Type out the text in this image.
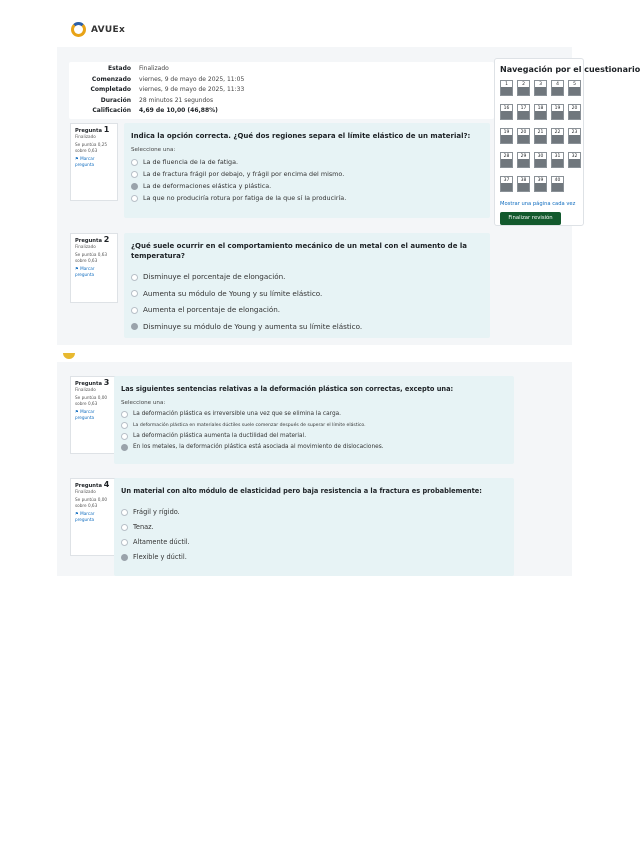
AVUEx
Estado	Finalizado
Comenzado	viernes, 9 de mayo de 2025, 11:05
Completado	viernes, 9 de mayo de 2025, 11:33
Duración	28 minutos 21 segundos
Calificación	4,69 de 10,00 (46,88%)
Pregunta 1
Finalizado
Se puntúa 0,25 sobre 0,63
⚑ Marcar pregunta
Indica la opción correcta. ¿Qué dos regiones separa el límite elástico de un material?:
Seleccione una:
La de fluencia de la de fatiga.
La de fractura frágil por debajo, y frágil por encima del mismo.
La de deformaciones elástica y plástica.
La que no produciría rotura por fatiga de la que sí la produciría.
Pregunta 2
Finalizado
Se puntúa 0,63 sobre 0,63
⚑ Marcar pregunta
¿Qué suele ocurrir en el comportamiento mecánico de un metal con el aumento de la temperatura?
Disminuye el porcentaje de elongación.
Aumenta su módulo de Young y su límite elástico.
Aumenta el porcentaje de elongación.
Disminuye su módulo de Young y aumenta su límite elástico.
Navegación por el cuestionario
1	2	3	4	5
16	17	18	19	20
19	20	21	22	23
28	29	30	31	32
37	38	39	40
Mostrar una página cada vez
Finalizar revisión
Pregunta 3
Finalizado
Se puntúa 0,00 sobre 0,63
⚑ Marcar pregunta
Las siguientes sentencias relativas a la deformación plástica son correctas, excepto una:
Seleccione una:
La deformación plástica es irreversible una vez que se elimina la carga.
La deformación plástica en materiales dúctiles suele comenzar después de superar el límite elástico.
La deformación plástica aumenta la ductilidad del material.
En los metales, la deformación plástica está asociada al movimiento de dislocaciones.
Pregunta 4
Finalizado
Se puntúa 0,00 sobre 0,63
⚑ Marcar pregunta
Un material con alto módulo de elasticidad pero baja resistencia a la fractura es probablemente:
Frágil y rígido.
Tenaz.
Altamente dúctil.
Flexible y dúctil.
